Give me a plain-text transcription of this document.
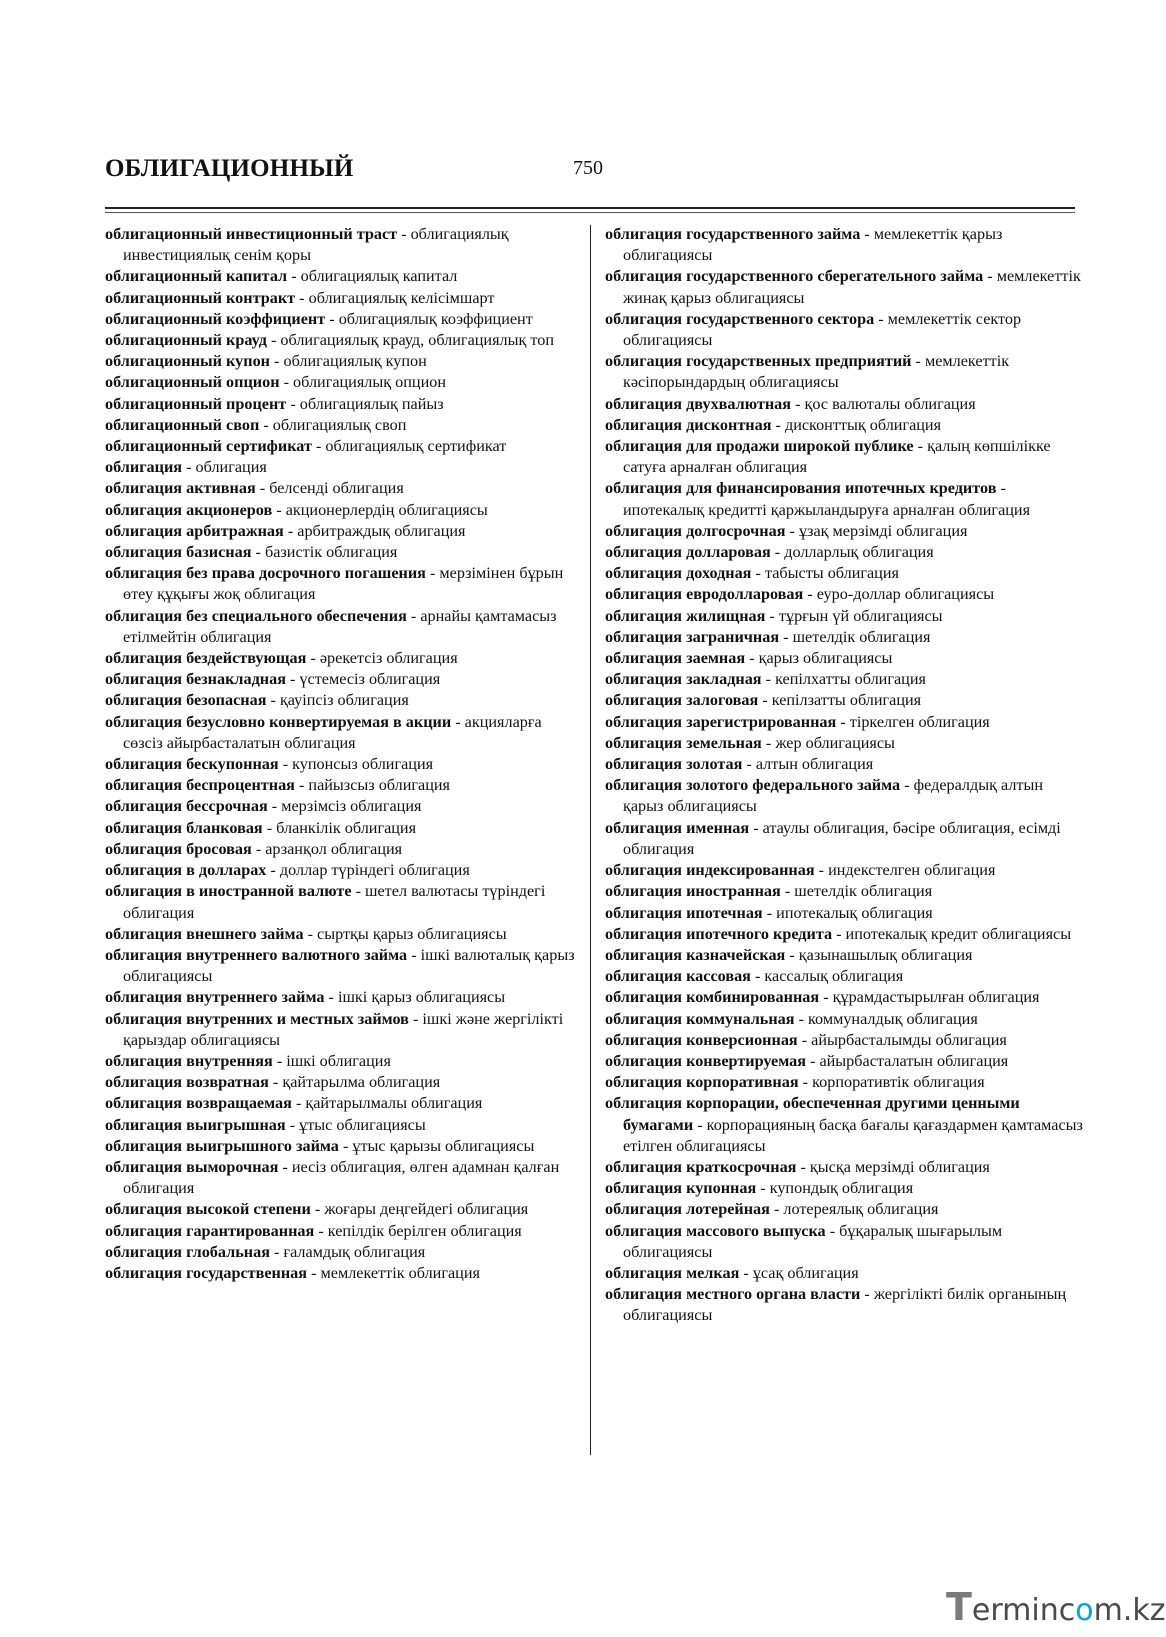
ОБЛИГАЦИОННЫЙ	750
облигационный инвестиционный траст - облигациялық инвестициялық сенім қоры
облигационный капитал - облигациялық капитал
облигационный контракт - облигациялық келісімшарт
облигационный коэффициент - облигациялық коэффициент
облигационный крауд - облигациялық крауд, облигациялық топ
облигационный купон - облигациялық купон
облигационный опцион - облигациялық опцион
облигационный процент - облигациялық пайыз
облигационный своп - облигациялық своп
облигационный сертификат - облигациялық сертификат
облигация - облигация
облигация активная - белсенді облигация
облигация акционеров - акционерлердің облигациясы
облигация арбитражная - арбитраждық облигация
облигация базисная - базистік облигация
облигация без права досрочного погашения - мерзімінен бұрын өтеу құқығы жоқ облигация
облигация без специального обеспечения - арнайы қамтамасыз етілмейтін облигация
облигация бездействующая - әрекетсіз облигация
облигация безнакладная - үстемесіз облигация
облигация безопасная - қауіпсіз облигация
облигация безусловно конвертируемая в акции - акцияларға сөзсіз айырбасталатын облигация
облигация бескупонная - купонсыз облигация
облигация беспроцентная - пайызсыз облигация
облигация бессрочная - мерзімсіз облигация
облигация бланковая - бланкілік облигация
облигация бросовая - арзанқол облигация
облигация в долларах - доллар түріндегі облигация
облигация в иностранной валюте - шетел валютасы түріндегі облигация
облигация внешнего займа - сыртқы қарыз облигациясы
облигация внутреннего валютного займа - ішкі валюталық қарыз облигациясы
облигация внутреннего займа - ішкі қарыз облигациясы
облигация внутренних и местных займов - ішкі және жергілікті қарыздар облигациясы
облигация внутренняя - ішкі облигация
облигация возвратная - қайтарылма облигация
облигация возвращаемая - қайтарылмалы облигация
облигация выигрышная - ұтыс облигациясы
облигация выигрышного займа - ұтыс қарызы облигациясы
облигация выморочная - иесіз облигация, өлген адамнан қалған облигация
облигация высокой степени - жоғары деңгейдегі облигация
облигация гарантированная - кепілдік берілген облигация
облигация глобальная - ғаламдық облигация
облигация государственная - мемлекеттік облигация
облигация государственного займа - мемлекеттік қарыз облигациясы
облигация государственного сберегательного займа - мемлекеттік жинақ қарыз облигациясы
облигация государственного сектора - мемлекеттік сектор облигациясы
облигация государственных предприятий - мемлекеттік кәсіпорындардың облигациясы
облигация двухвалютная - қос валюталы облигация
облигация дисконтная - дисконттық облигация
облигация для продажи широкой публике - қалың көпшілікке сатуға арналған облигация
облигация для финансирования ипотечных кредитов - ипотекалық кредитті қаржыландыруға арналған облигация
облигация долгосрочная - ұзақ мерзімді облигация
облигация долларовая - долларлық облигация
облигация доходная - табысты облигация
облигация евродолларовая - еуро-доллар облигациясы
облигация жилищная - тұрғын үй облигациясы
облигация заграничная - шетелдік облигация
облигация заемная - қарыз облигациясы
облигация закладная - кепілхатты облигация
облигация залоговая - кепілзатты облигация
облигация зарегистрированная - тіркелген облигация
облигация земельная - жер облигациясы
облигация золотая - алтын облигация
облигация золотого федерального займа - федералдық алтын қарыз облигациясы
облигация именная - атаулы облигация, бәсіре облигация, есімді облигация
облигация индексированная - индекстелген облигация
облигация иностранная - шетелдік облигация
облигация ипотечная - ипотекалық облигация
облигация ипотечного кредита - ипотекалық кредит облигациясы
облигация казначейская - қазынашылық облигация
облигация кассовая - кассалық облигация
облигация комбинированная - құрамдастырылған облигация
облигация коммунальная - коммуналдық облигация
облигация конверсионная - айырбасталымды облигация
облигация конвертируемая - айырбасталатын облигация
облигация корпоративная - корпоративтік облигация
облигация корпорации, обеспеченная другими ценными бумагами - корпорацияның басқа бағалы қағаздармен қамтамасыз етілген облигациясы
облигация краткосрочная - қысқа мерзімді облигация
облигация купонная - купондық облигация
облигация лотерейная - лотереялық облигация
облигация массового выпуска - бұқаралық шығарылым облигациясы
облигация мелкая - ұсақ облигация
облигация местного органа власти - жергілікті билік органының облигациясы
Termincom.kz
